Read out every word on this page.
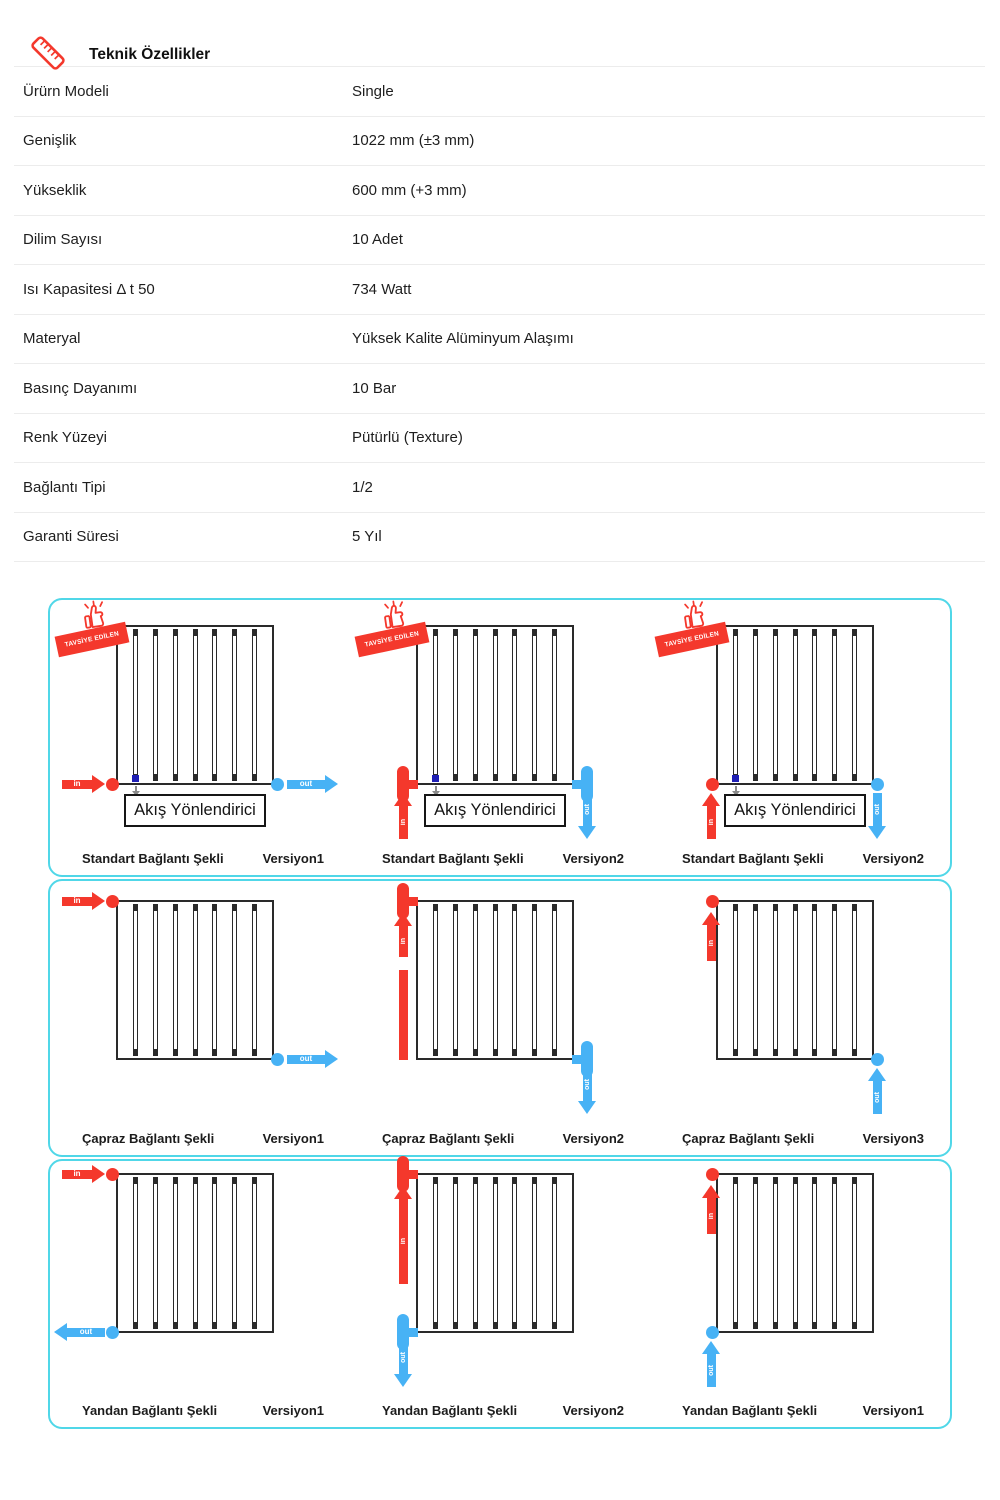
Teknik Özellikler
Ürürn Modeli	Single
Genişlik	1022 mm (±3 mm)
Yükseklik	600 mm (+3 mm)
Dilim Sayısı	10 Adet
Isı Kapasitesi Δ t 50	734 Watt
Materyal	Yüksek Kalite Alüminyum Alaşımı
Basınç Dayanımı	10 Bar
Renk Yüzeyi	Pütürlü (Texture)
Bağlantı Tipi	1/2
Garanti Süresi	5 Yıl
TAVSİYE EDİLEN
in	out
Akış Yönlendirici
Standart Bağlantı Şekli	Versiyon1
TAVSİYE EDİLEN
in
out
Akış Yönlendirici
Standart Bağlantı Şekli	Versiyon2
TAVSİYE EDİLEN
in
out
Akış Yönlendirici
Standart Bağlantı Şekli	Versiyon2
in
out
Çapraz Bağlantı Şekli	Versiyon1
in
out
Çapraz Bağlantı Şekli	Versiyon2
in
out
Çapraz Bağlantı Şekli	Versiyon3
in
out
Yandan Bağlantı Şekli	Versiyon1
in
out
Yandan Bağlantı Şekli	Versiyon2
in
out
Yandan Bağlantı Şekli	Versiyon1
